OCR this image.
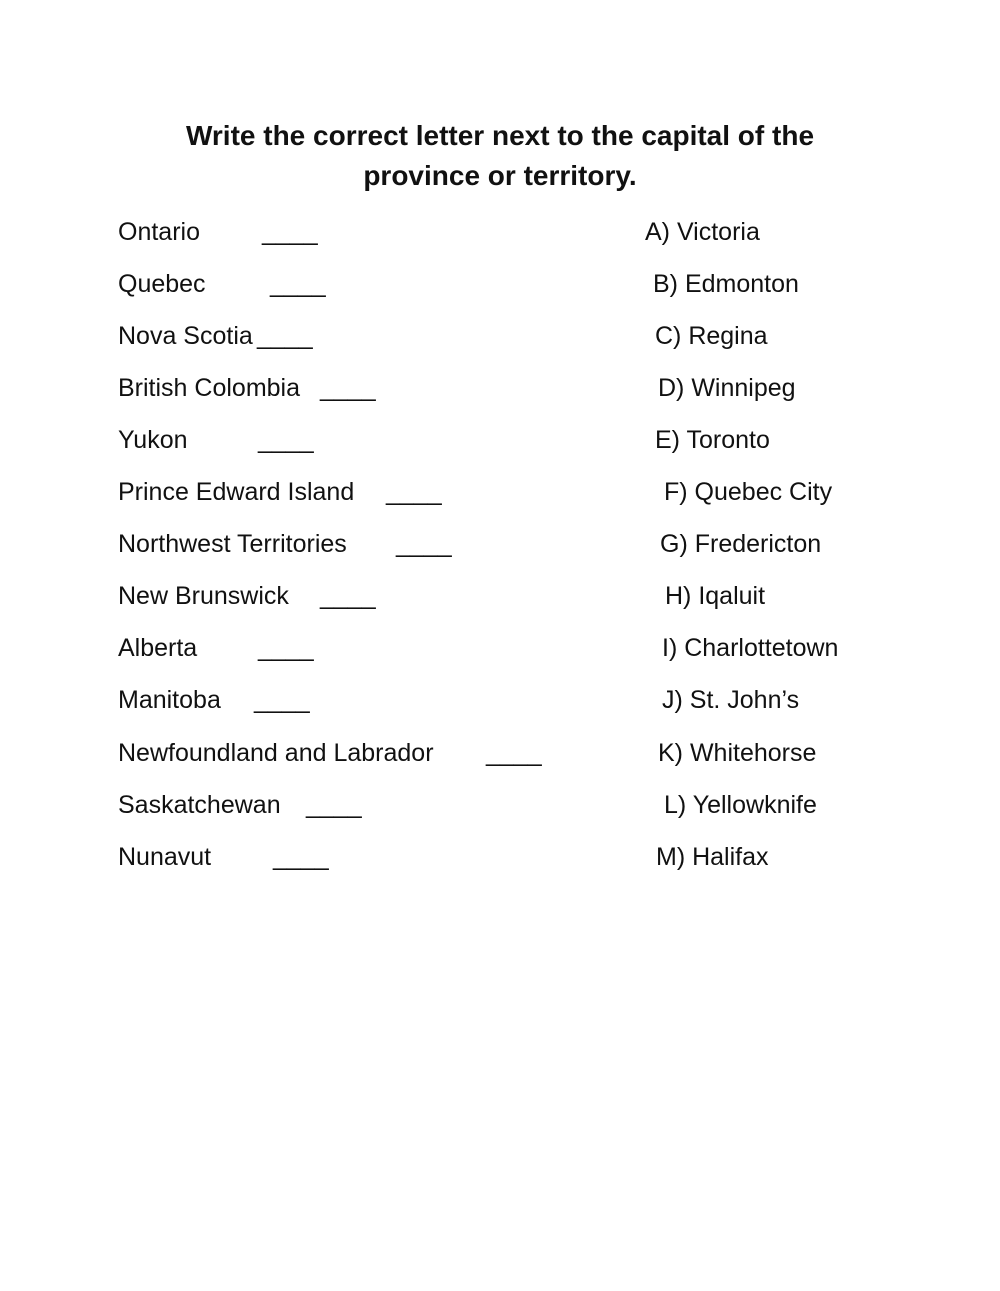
Write the correct letter next to the capital of the
province or territory.
Ontario ____	A) Victoria
Quebec	____	B) Edmonton
Nova Scotia ____	C) Regina
British Colombia ____	D) Winnipeg
Yukon	____	E) Toronto
Prince Edward Island ____	F) Quebec City
Northwest Territories ____	G) Fredericton
New Brunswick ____	H) Iqaluit
Alberta ____	I) Charlottetown
Manitoba ____	J) St. John’s
Newfoundland and Labrador ____	K) Whitehorse
Saskatchewan ____	L) Yellowknife
Nunavut ____	M) Halifax
